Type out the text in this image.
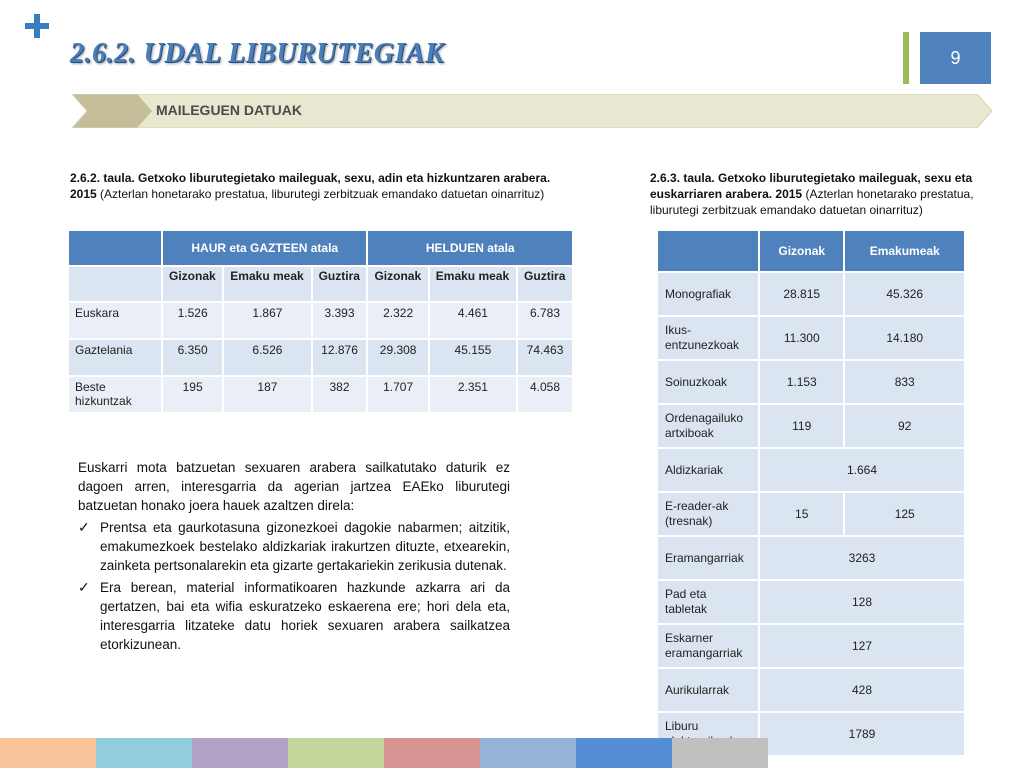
2.6.2. UDAL LIBURUTEGIAK	9
MAILEGUEN DATUAK
2.6.2. taula. Getxoko liburutegietako maileguak, sexu, adin eta hizkuntzaren arabera. 2015 (Azterlan honetarako prestatua, liburutegi zerbitzuak emandako datuetan oinarrituz)
2.6.3. taula. Getxoko liburutegietako maileguak, sexu eta euskarriaren arabera. 2015 (Azterlan honetarako prestatua, liburutegi zerbitzuak emandako datuetan oinarrituz)
	HAUR eta GAZTEEN atala			HELDUEN atala		
	Gizonak	Emaku meak	Guztira	Gizonak	Emaku meak	Guztira
Euskara	1.526	1.867	3.393	2.322	4.461	6.783
Gaztelania	6.350	6.526	12.876	29.308	45.155	74.463
Beste hizkuntzak	195	187	382	1.707	2.351	4.058
	Gizonak	Emakumeak
Monografiak	28.815	45.326
Ikus-entzunezkoak	11.300	14.180
Soinuzkoak	1.153	833
Ordenagailuko artxiboak	119	92
Aldizkariak	1.664	
E-reader-ak (tresnak)	15	125
Eramangarriak	3263	
Pad eta tabletak	128	
Eskarner eramangarriak	127	
Aurikularrak	428	
Liburu	1789	

Euskarri mota batzuetan sexuaren arabera sailkatutako daturik ez dagoen arren, interesgarria da agerian jartzea EAEko liburutegi batzuetan honako joera hauek azaltzen direla:

✓ Prentsa eta gaurkotasuna gizonezkoei dagokie nabarmen; aitzitik, emakumezkoek bestelako aldizkariak irakurtzen dituzte, etxearekin, zainketa pertsonalarekin eta gizarte gertakariekin zerikusia dutenak.
✓ Era berean, material informatikoaren hazkunde azkarra ari da gertatzen, bai eta wifia eskuratzeko eskaerena ere; hori dela eta, interesgarria litzateke datu horiek sexuaren arabera sailkatzea etorkizunean.
